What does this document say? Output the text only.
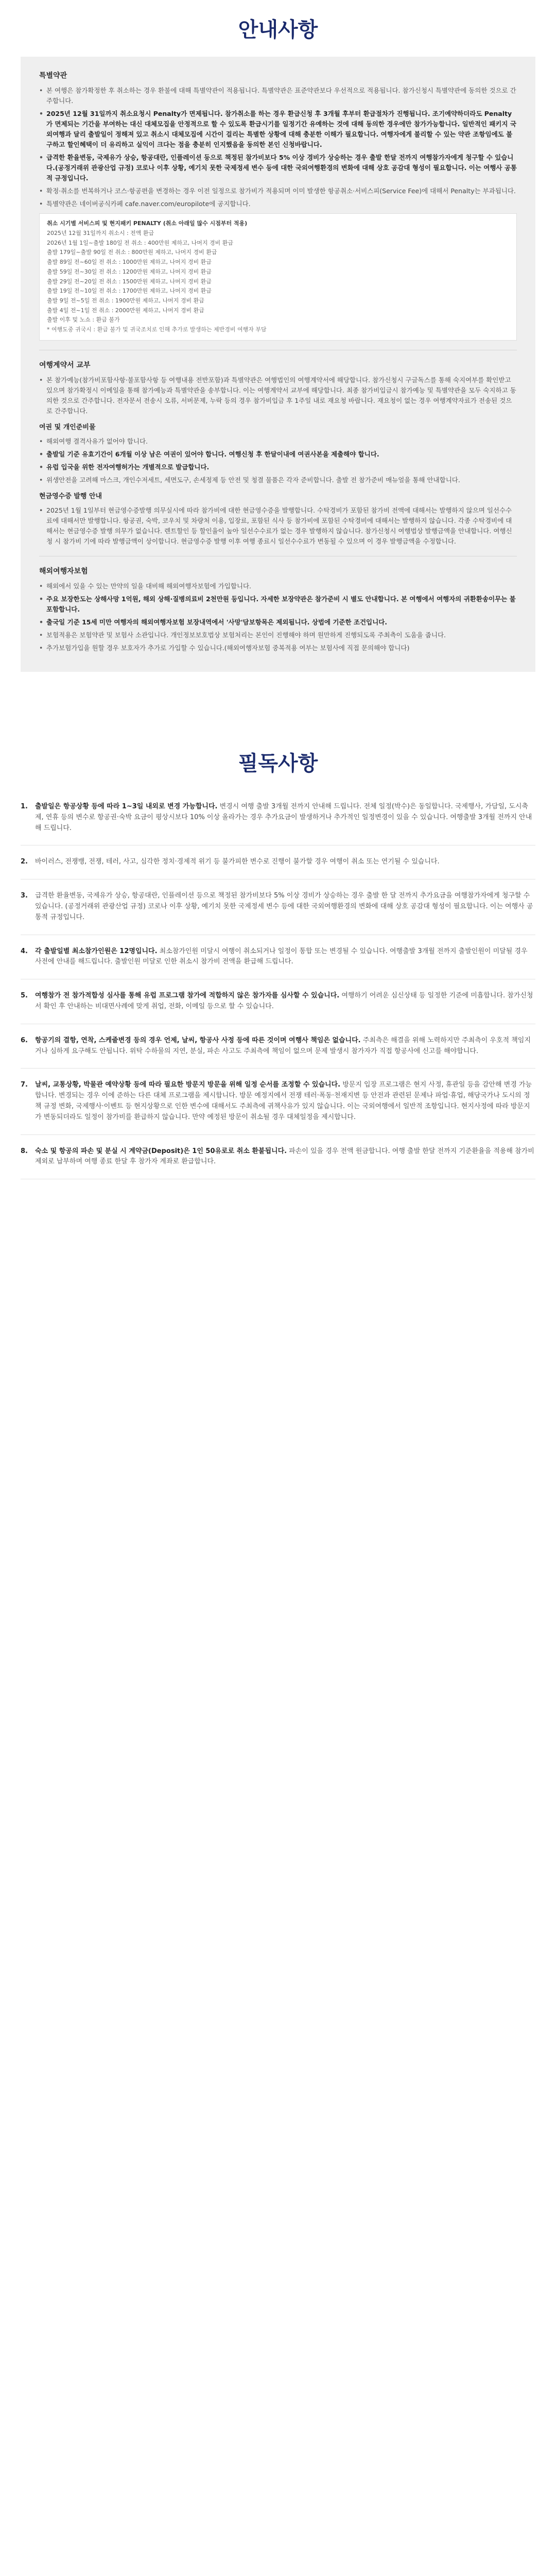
안내사항
특별약관
• 본 여행은 참가확정한 후 취소하는 경우 환불에 대해 특별약관이 적용됩니다. 특별약관은 표준약관보다 우선적으로 적용됩니다. 참가신청시 특별약관에 동의한 것으로 간주합니다.
• 2025년 12월 31일까지 취소요청시 Penalty가 면제됩니다. 참가취소를 하는 경우 환급신청 후 3개월 후부터 환급절차가 진행됩니다. 조기예약하더라도 Penalty가 면제되는 기간을 부여하는 대신 대체모집을 안정적으로 할 수 있도록 환급시기를 일정기간 유예하는 것에 대해 동의한 경우에만 참가가능합니다. 일반적인 패키지 국외여행과 달리 출발일이 정해져 있고 취소시 대체모집에 시간이 걸리는 특별한 상황에 대해 충분한 이해가 필요합니다. 여행자에게 불리할 수 있는 약관 조항임에도 불구하고 할인혜택이 더 유리하고 실익이 크다는 점을 충분히 인지했음을 동의한 본인 신청바랍니다.
• 급격한 환율변동, 국제유가 상승, 항공대란, 인플레이션 등으로 책정된 참가비보다 5% 이상 경비가 상승하는 경우 출발 한달 전까지 여행참가자에게 청구할 수 있습니다.(공정거래위 관광산업 규정) 코로나 이후 상황, 예기치 못한 국제정세 변수 등에 대한 국외여행환경의 변화에 대해 상호 공감대 형성이 필요합니다. 이는 여행사 공통적 규정입니다.
• 확정·취소를 번복하거나 코스·항공편을 변경하는 경우 이전 일정으로 참가비가 적용되며 이미 발생한 항공취소·서비스피(Service Fee)에 대해서 Penalty는 부과됩니다.
• 특별약관은 네이버공식카페 cafe.naver.com/europilote에 공지합니다.
취소 시기별 서비스피 및 현지패키 PENALTY (취소 아래일 많수 시점부터 적용)
2025년 12월 31일까지 취소시 : 전액 환급
2026년 1월 1일~출발 180일 전 취소 : 400만원 제하고, 나머지 경비 환급
출발 179일~출발 90일 전 취소 : 800만원 제하고, 나머지 경비 환급
출발 89일 전~60일 전 취소 : 1000만원 제하고, 나머지 경비 환급
출발 59일 전~30일 전 취소 : 1200만원 제하고, 나머지 경비 환급
출발 29일 전~20일 전 취소 : 1500만원 제하고, 나머지 경비 환급
출발 19일 전~10일 전 취소 : 1700만원 제하고, 나머지 경비 환급
출발 9일 전~5일 전 취소 : 1900만원 제하고, 나머지 경비 환급
출발 4일 전~1일 전 취소 : 2000만원 제하고, 나머지 경비 환급
출발 이후 및 노쇼 : 환급 불가
* 여행도중 귀국시 : 환급 불가 및 귀국조치로 인해 추가로 발생하는 제반경비 여행자 부담
여행계약서 교부
• 본 참가예능(참가비포함사항·불포함사항 등 여행내용 전반포함)과 특별약관은 여행법인의 여행계약서에 해당합니다. 참가신청시 구글독스를 통해 숙지여부를 확인받고 있으며 참가확정시 이메일을 통해 참가예능과 특별약관을 송부합니다. 이는 여행계약서 교부에 해당합니다. 최종 참가비입금시 참가예능 및 특별약관을 모두 숙지하고 동의한 것으로 간주합니다. 전자문서 전송시 오류, 서버문제, 누락 등의 경우 참가비입금 후 1주일 내로 재요청 바랍니다. 재요청이 없는 경우 여행계약자료가 전송된 것으로 간주합니다.
여권 및 개인준비물
• 해외여행 결격사유가 없어야 합니다.
• 출발일 기준 유효기간이 6개월 이상 남은 여권이 있어야 합니다. 여행신청 후 한달이내에 여권사본을 제출해야 합니다.
• 유럽 입국을 위한 전자여행허가는 개별적으로 발급합니다.
• 위생안전을 고려해 마스크, 개인수저세트, 세면도구, 손세정제 등 안전 및 청결 물품은 각자 준비합니다. 출발 전 참가준비 매뉴얼을 통해 안내합니다.
현금영수증 발행 안내
• 2025년 1월 1일부터 현금영수증발행 의무실시에 따라 참가비에 대한 현금영수증을 발행합니다. 수탁경비가 포함된 참가비 전액에 대해서는 발행하지 않으며 일선수수료에 대해서만 발행합니다. 항공권, 숙박, 코우치 및 차량처 이용, 입장료, 포함된 식사 등 참가비에 포함된 수탁경비에 대해서는 발행하지 않습니다. 각종 수탁경비에 대해서는 현금영수증 발행 의무가 없습니다. 렌트할인 등 할인율이 높아 일선수수료가 없는 경우 발행하지 않습니다. 참가신청시 여행법상 발행금액을 안내합니다. 여행신청 시 참가비 기에 따라 발행금액이 상이합니다. 현금영수증 발행 이후 여행 종료시 일선수수료가 변동될 수 있으며 이 경우 발행금액을 수정합니다.
해외여행자보험
• 해외에서 있을 수 있는 만약의 일을 대비해 해외여행자보험에 가입합니다.
• 주요 보장한도는 상해사망 1억원, 해외 상해·질병의료비 2천만원 등입니다. 자세한 보장약관은 참가준비 시 별도 안내합니다. 본 여행에서 여행자의 귀환환송이무는 불포함합니다.
• 출국일 기준 15세 미만 여행자의 해외여행자보험 보장내역에서 '사망'담보항목은 제외됩니다. 상법에 기준한 조건입니다.
• 보험적용은 보험약관 및 보험사 소관입니다. 개인정보보호법상 보험처리는 본인이 진행해야 하며 원만하게 진행되도록 주최측이 도움을 줍니다.
• 추가보험가입을 원할 경우 보호자가 추가로 가입할 수 있습니다.(해외여행자보험 중복적용 여부는 보험사에 직접 문의해야 합니다)
필독사항
1.	출발일은 항공상황 등에 따라 1~3일 내외로 변경 가능합니다. 변경시 여행 출발 3개월 전까지 안내해 드립니다. 전체 일정(박수)은 동일합니다. 국제행사, 가담일, 도시축제, 연휴 등의 변수로 항공권·숙박 요금이 평상시보다 10% 이상 올라가는 경우 추가요금이 발생하거나 추가적인 일정변경이 있을 수 있습니다. 여행출발 3개월 전까지 안내해 드립니다.
2.	바이러스, 전쟁뱅, 전쟁, 테러, 사고, 심각한 정치·경제적 위기 등 불가피한 변수로 진행이 불가할 경우 여행이 취소 또는 연기될 수 있습니다.
3.	급격한 환율변동, 국제유가 상승, 항공대란, 인플레이션 등으로 책정된 참가비보다 5% 이상 경비가 상승하는 경우 출발 한 달 전까지 추가요금을 여행참가자에게 청구할 수 있습니다. (공정거래위 관광산업 규정) 코로나 이후 상황, 예기치 못한 국제정세 변수 등에 대한 국외여행환경의 변화에 대해 상호 공감대 형성이 필요합니다. 이는 여행사 공통적 규정입니다.
4.	각 출발일별 최소참가인원은 12명입니다. 최소참가인원 미달시 여행이 취소되거나 일정이 통합 또는 변경될 수 있습니다. 여행출발 3개월 전까지 출발인원이 미달될 경우 사전에 안내를 해드립니다. 출발인원 미달로 인한 취소시 참가비 전액을 환급해 드립니다.
5.	여행참가 전 참가적합성 심사를 통해 유럽 프로그램 참가에 적합하지 않은 참가자를 심사할 수 있습니다. 여행하기 어려운 심신상태 등 일정한 기준에 미흡합니다. 참가신청서 확인 후 안내하는 비대면사례에 맞게 취업, 전화, 이메일 등으로 할 수 있습니다.
6.	항공기의 결항, 연착, 스케줄변경 등의 경우 언제, 날씨, 항공사 사정 등에 따른 것이며 여행사 책임은 없습니다. 주최측은 해결을 위해 노력하지만 주최측이 우호적 책임지거나 심하게 요구해도 안됩니다. 위탁 수하물의 지연, 분실, 파손 사고도 주최측에 책임이 없으며 문제 발생시 참가자가 직접 항공사에 신고를 해야합니다.
7.	날씨, 교통상황, 박물관 예약상황 등에 따라 필요한 방문지 방문을 위해 일정 순서를 조정할 수 있습니다. 방문지 입장 프로그램은 현지 사정, 휴관일 등을 감안해 변경 가능합니다. 변경되는 경우 이에 준하는 다른 대체 프로그램을 제시합니다. 방문 예정지에서 전쟁 테러·폭동·천재지변 등 안전과 관련된 문제나 파업·휴업, 해당국가나 도시의 정책 규정 변화, 국제행사·이벤트 등 현지상황으로 인한 변수에 대해서도 주최측에 귀책사유가 있지 않습니다. 이는 국외여행에서 일반적 조항입니다. 현지사정에 따라 방문지가 변동되더라도 일정이 참가비를 환급하지 않습니다. 만약 예정된 방문이 취소될 경우 대체일정을 제시합니다.
8.	숙소 및 항공의 파손 및 분실 시 계약금(Deposit)은 1인 50유로로 취소 환불됩니다. 파손이 있을 경우 전액 원금합니다. 여행 출발 한달 전까지 기준환율을 적용해 참가비 제외로 납부하며 여행 종료 한달 후 참가자 계좌로 환급합니다.
